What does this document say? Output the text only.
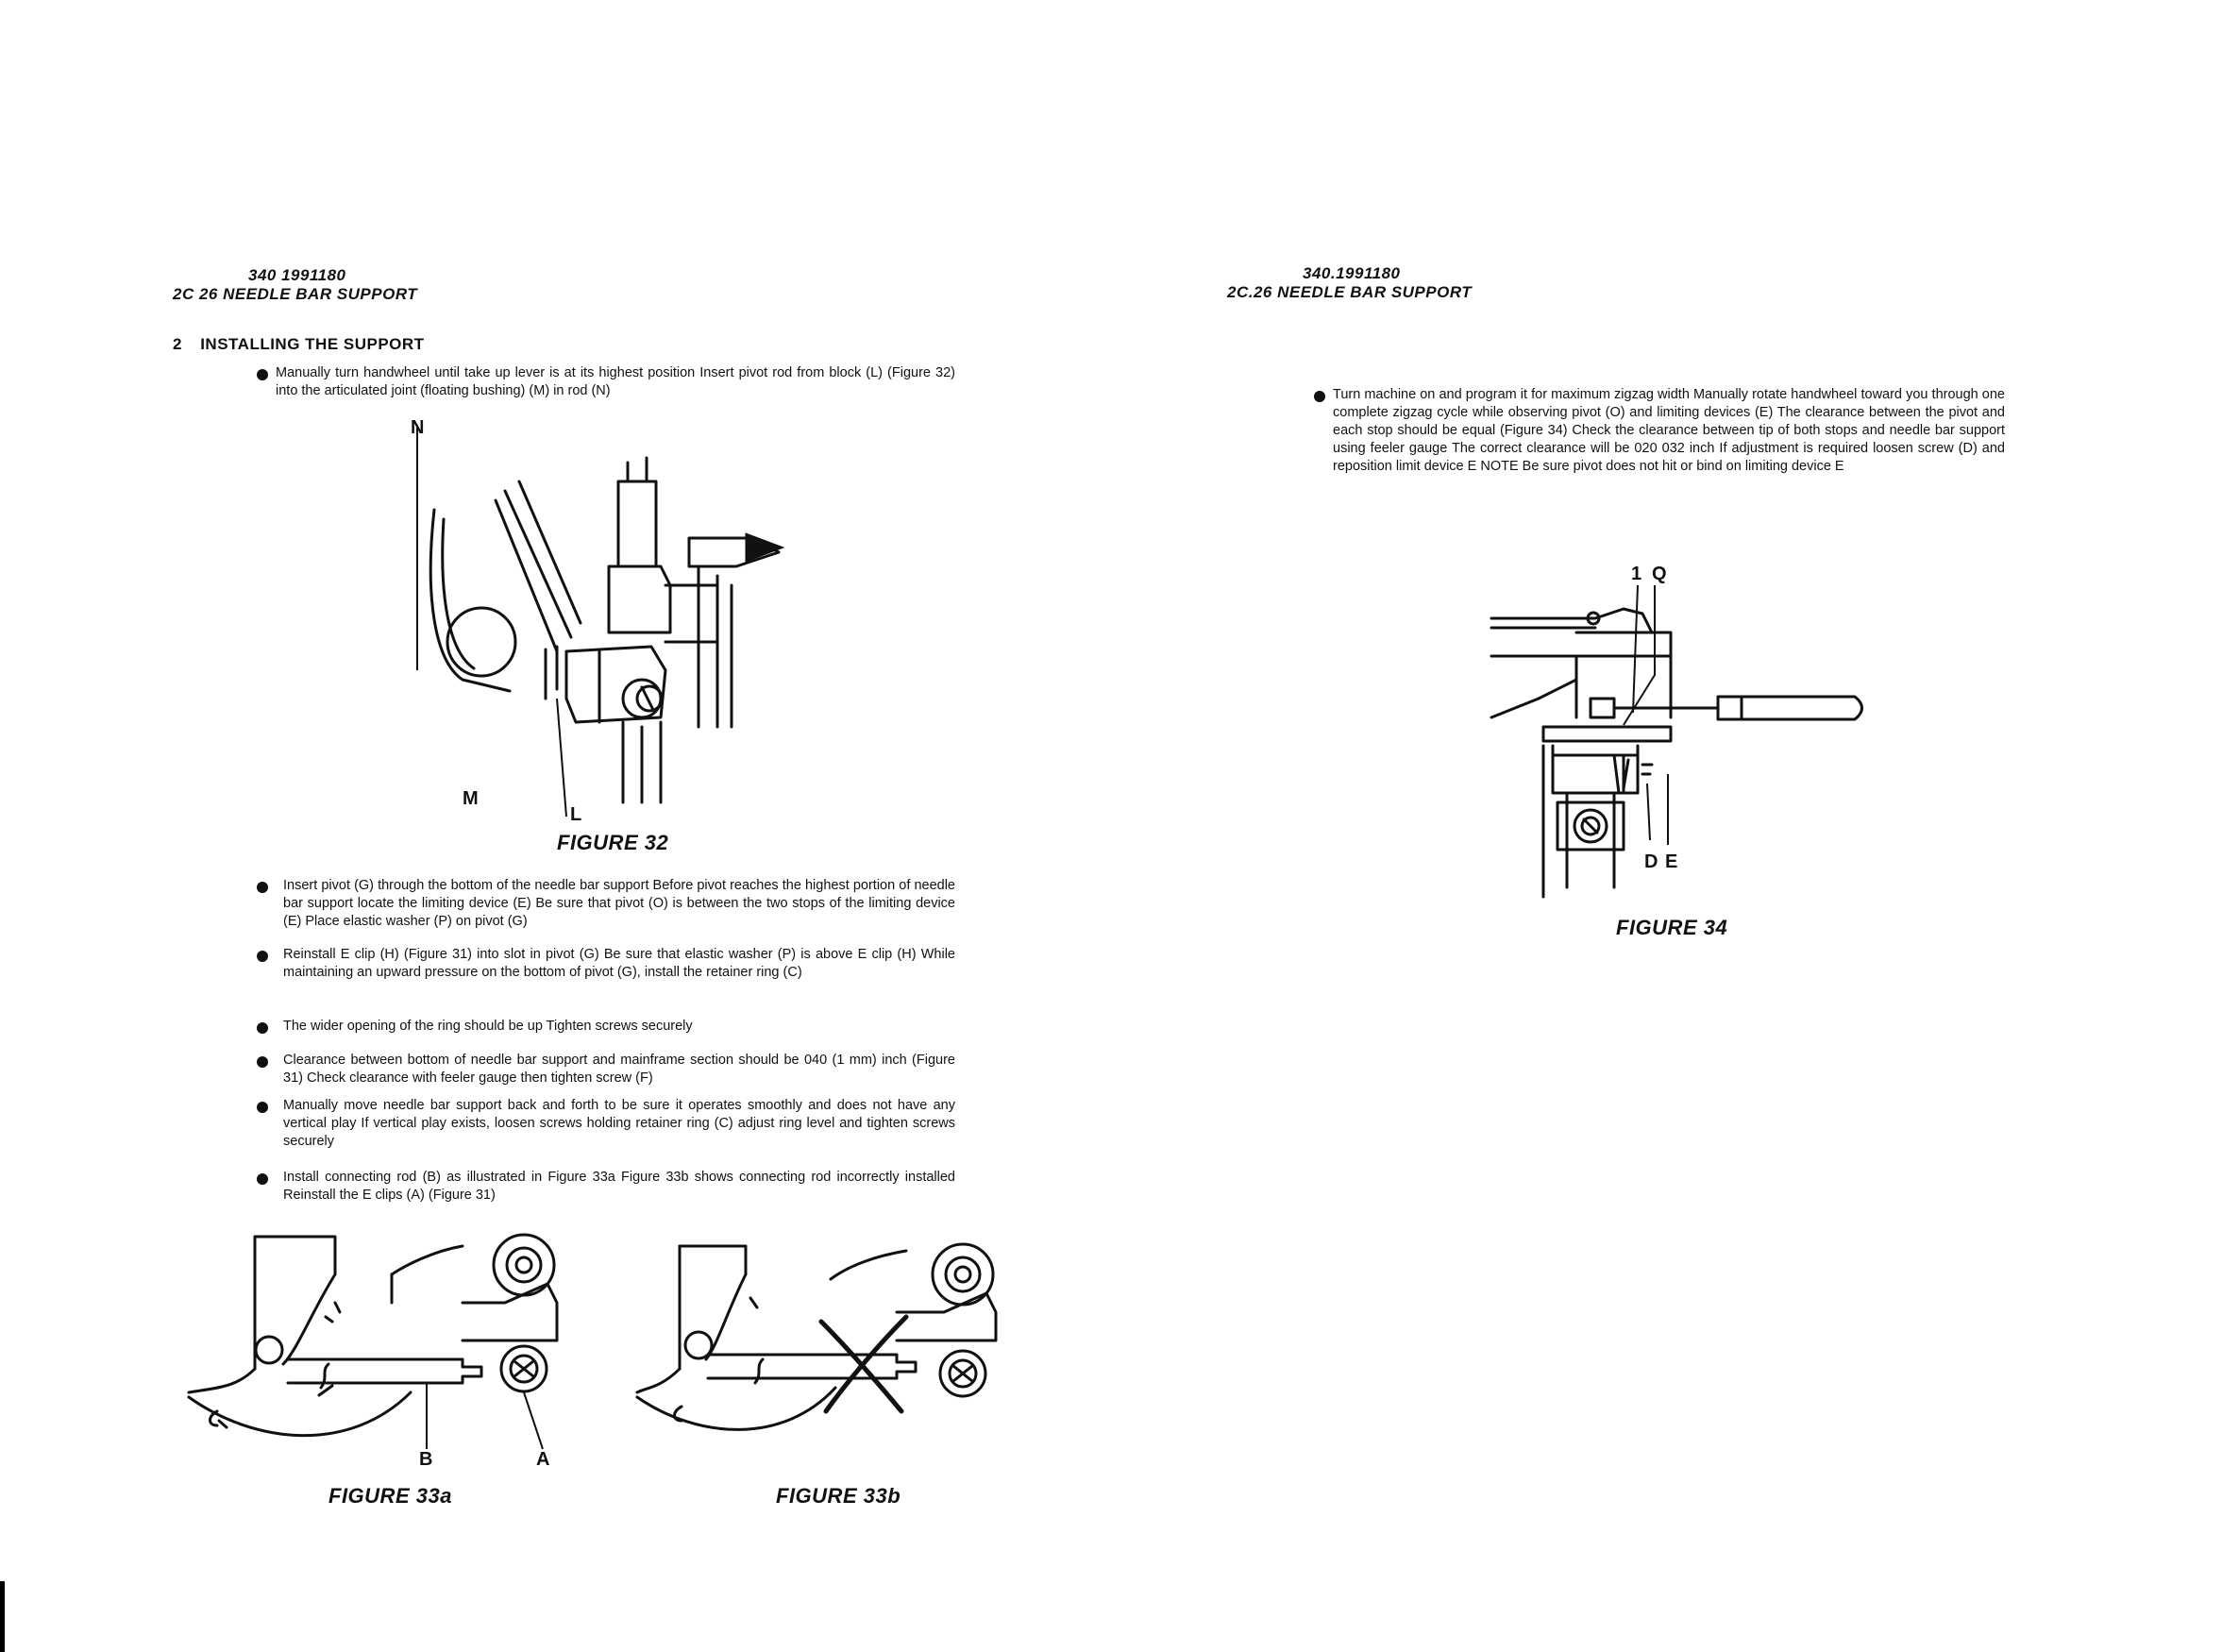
340 1991180
2C 26 NEEDLE BAR SUPPORT
2 INSTALLING THE SUPPORT
Manually turn handwheel until take up lever is at its highest position Insert pivot rod from block (L) (Figure 32) into the articulated joint (floating bushing) (M) in rod (N)
N
M
L
FIGURE 32
Insert pivot (G) through the bottom of the needle bar support Before pivot reaches the highest portion of needle bar support locate the limiting device (E) Be sure that pivot (O) is between the two stops of the limiting device (E) Place elastic washer (P) on pivot (G)
Reinstall E clip (H) (Figure 31) into slot in pivot (G) Be sure that elastic washer (P) is above E clip (H) While maintaining an upward pressure on the bottom of pivot (G), install the retainer ring (C)
The wider opening of the ring should be up Tighten screws securely
Clearance between bottom of needle bar support and mainframe section should be 040 (1 mm) inch (Figure 31) Check clearance with feeler gauge then tighten screw (F)
Manually move needle bar support back and forth to be sure it operates smoothly and does not have any vertical play If vertical play exists, loosen screws holding retainer ring (C) adjust ring level and tighten screws securely
Install connecting rod (B) as illustrated in Figure 33a Figure 33b shows connecting rod incorrectly installed Reinstall the E clips (A) (Figure 31)
B	A
FIGURE 33a	FIGURE 33b
340.1991180
2C.26 NEEDLE BAR SUPPORT
Turn machine on and program it for maximum zigzag width Manually rotate handwheel toward you through one complete zigzag cycle while observing pivot (O) and limiting devices (E) The clearance between the pivot and each stop should be equal (Figure 34) Check the clearance between tip of both stops and needle bar support using feeler gauge The correct clearance will be 020 032 inch If adjustment is required loosen screw (D) and reposition limit device E NOTE Be sure pivot does not hit or bind on limiting device E
1 Q
D E
FIGURE 34
